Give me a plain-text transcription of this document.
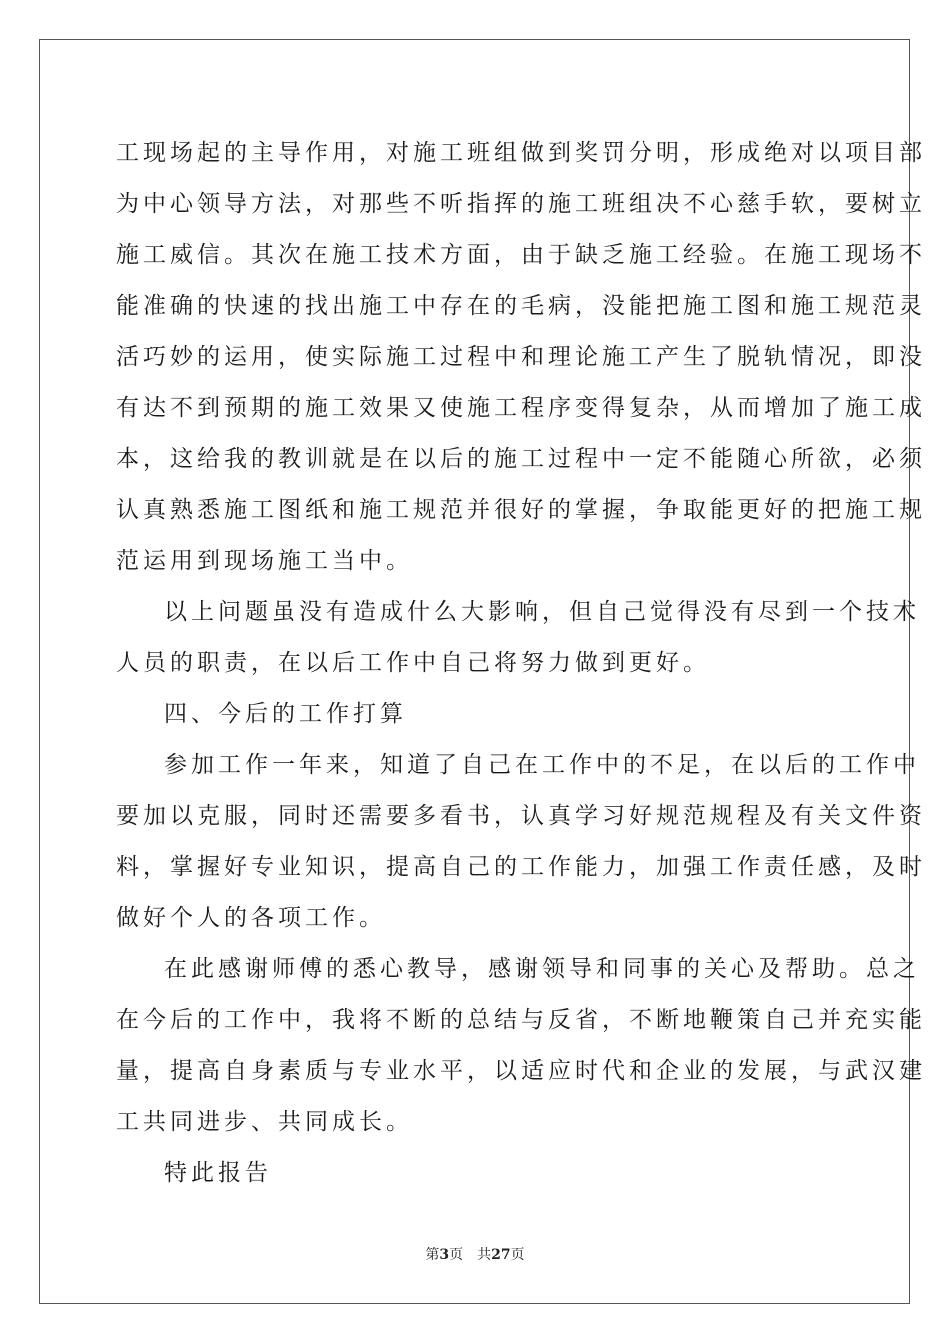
工现场起的主导作用，对施工班组做到奖罚分明，形成绝对以项目部
为中心领导方法，对那些不听指挥的施工班组决不心慈手软，要树立
施工威信。其次在施工技术方面，由于缺乏施工经验。在施工现场不
能准确的快速的找出施工中存在的毛病，没能把施工图和施工规范灵
活巧妙的运用，使实际施工过程中和理论施工产生了脱轨情况，即没
有达不到预期的施工效果又使施工程序变得复杂，从而增加了施工成
本，这给我的教训就是在以后的施工过程中一定不能随心所欲，必须
认真熟悉施工图纸和施工规范并很好的掌握，争取能更好的把施工规
范运用到现场施工当中。
以上问题虽没有造成什么大影响，但自己觉得没有尽到一个技术
人员的职责，在以后工作中自己将努力做到更好。
四、今后的工作打算
参加工作一年来，知道了自己在工作中的不足，在以后的工作中
要加以克服，同时还需要多看书，认真学习好规范规程及有关文件资
料，掌握好专业知识，提高自己的工作能力，加强工作责任感，及时
做好个人的各项工作。
在此感谢师傅的悉心教导，感谢领导和同事的关心及帮助。总之
在今后的工作中，我将不断的总结与反省，不断地鞭策自己并充实能
量，提高自身素质与专业水平，以适应时代和企业的发展，与武汉建
工共同进步、共同成长。
特此报告
第3页 共27页
